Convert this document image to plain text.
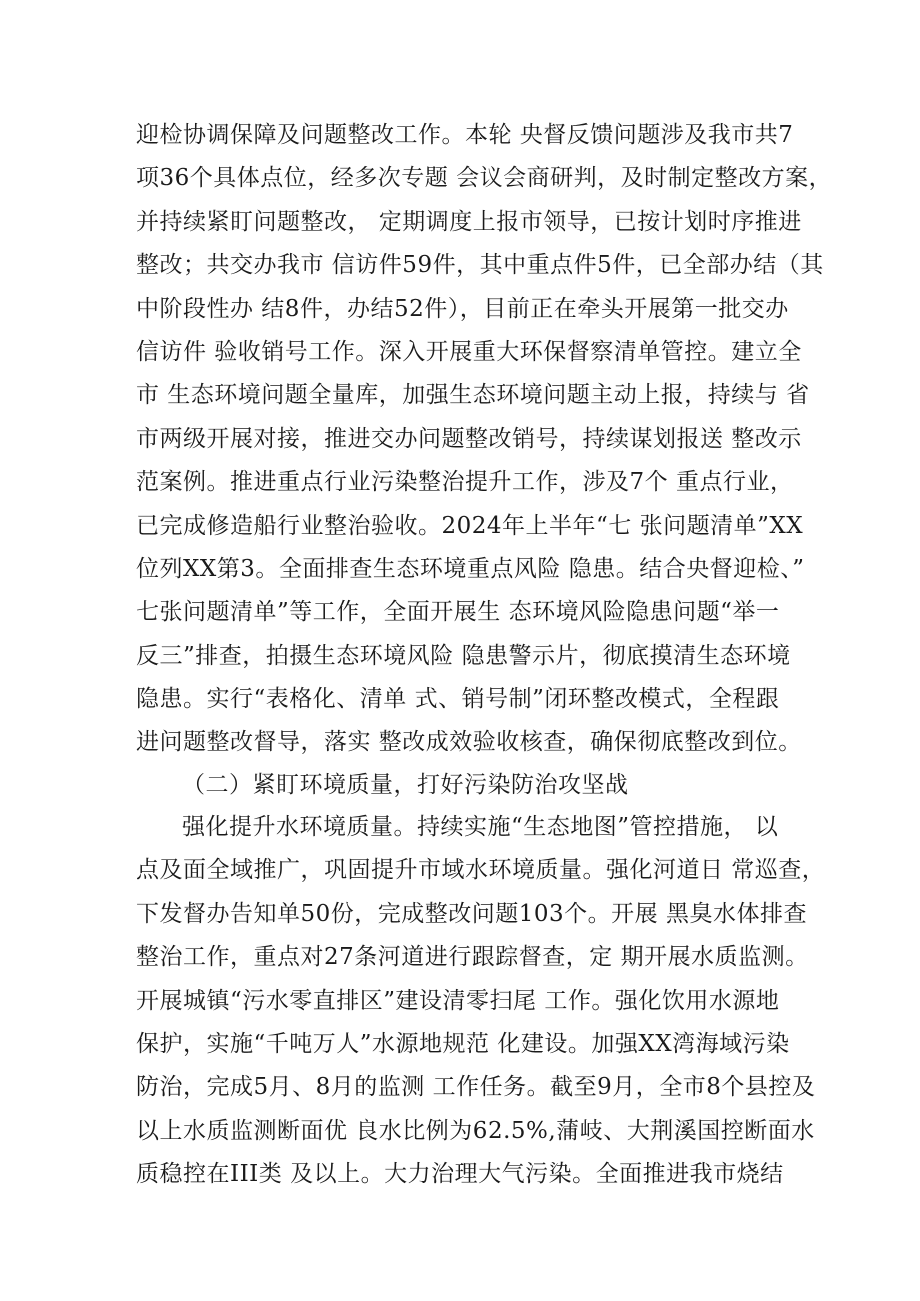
迎检协调保障及问题整改工作。本轮 央督反馈问题涉及我市共7
项36个具体点位，经多次专题 会议会商研判，及时制定整改方案，
并持续紧盯问题整改， 定期调度上报市领导，已按计划时序推进
整改；共交办我市 信访件59件，其中重点件5件，已全部办结（其
中阶段性办 结8件，办结52件），目前正在牵头开展第一批交办
信访件 验收销号工作。深入开展重大环保督察清单管控。建立全
市 生态环境问题全量库，加强生态环境问题主动上报，持续与 省
市两级开展对接，推进交办问题整改销号，持续谋划报送 整改示
范案例。推进重点行业污染整治提升工作，涉及7个 重点行业，
已完成修造船行业整治验收。2024年上半年“七 张问题清单”XX
位列XX第3。全面排查生态环境重点风险 隐患。结合央督迎检、”
七张问题清单”等工作，全面开展生 态环境风险隐患问题“举一
反三”排查，拍摄生态环境风险 隐患警示片，彻底摸清生态环境
隐患。实行“表格化、清单 式、销号制”闭环整改模式，全程跟
进问题整改督导，落实 整改成效验收核查，确保彻底整改到位。
（二）紧盯环境质量，打好污染防治攻坚战
强化提升水环境质量。持续实施“生态地图”管控措施， 以
点及面全域推广，巩固提升市域水环境质量。强化河道日 常巡查，
下发督办告知单50份，完成整改问题103个。开展 黑臭水体排查
整治工作，重点对27条河道进行跟踪督查，定 期开展水质监测。
开展城镇“污水零直排区”建设清零扫尾 工作。强化饮用水源地
保护，实施“千吨万人”水源地规范 化建设。加强XX湾海域污染
防治，完成5月、8月的监测 工作任务。截至9月，全市8个县控及
以上水质监测断面优 良水比例为62.5%,蒲岐、大荆溪国控断面水
质稳控在III类 及以上。大力治理大气污染。全面推进我市烧结
